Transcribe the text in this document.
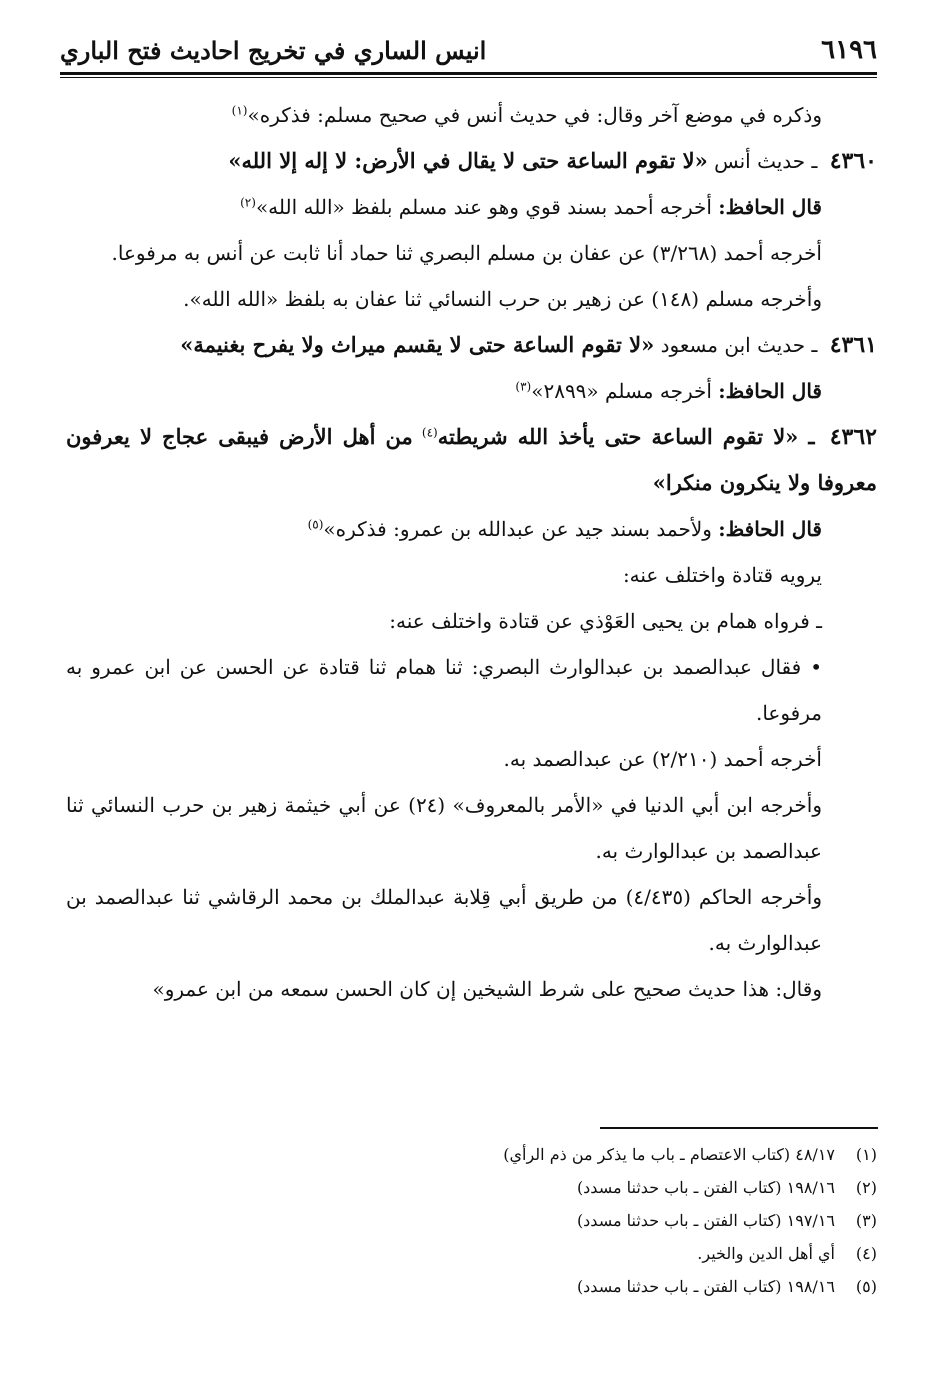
٦١٩٦
انيس الساري في تخريج احاديث فتح الباري

وذكره في موضع آخر وقال: في حديث أنس في صحيح مسلم: فذكره»$^{(١)}$

٤٣٦٠ ـ حديث أنس «لا تقوم الساعة حتى لا يقال في الأرض: لا إله إلا الله»

قال الحافظ: أخرجه أحمد بسند قوي وهو عند مسلم بلفظ «الله الله»$^{(٢)}$

أخرجه أحمد (٣/٢٦٨) عن عفان بن مسلم البصري ثنا حماد أنا ثابت عن أنس به مرفوعا.

وأخرجه مسلم (١٤٨) عن زهير بن حرب النسائي ثنا عفان به بلفظ «الله الله».

٤٣٦١ ـ حديث ابن مسعود «لا تقوم الساعة حتى لا يقسم ميراث ولا يفرح بغنيمة»

قال الحافظ: أخرجه مسلم «٢٨٩٩»$^{(٣)}$

٤٣٦٢ ـ «لا تقوم الساعة حتى يأخذ الله شريطته$^{(٤)}$ من أهل الأرض فيبقى عجاج لا يعرفون معروفا ولا ينكرون منكرا»

قال الحافظ: ولأحمد بسند جيد عن عبدالله بن عمرو: فذكره»$^{(٥)}$

يرويه قتادة واختلف عنه:

ـ فرواه همام بن يحيى العَوْذي عن قتادة واختلف عنه:

• فقال عبدالصمد بن عبدالوارث البصري: ثنا همام ثنا قتادة عن الحسن عن ابن عمرو به مرفوعا.

أخرجه أحمد (٢/٢١٠) عن عبدالصمد به.

وأخرجه ابن أبي الدنيا في «الأمر بالمعروف» (٢٤) عن أبي خيثمة زهير بن حرب النسائي ثنا عبدالصمد بن عبدالوارث به.

وأخرجه الحاكم (٤/٤٣٥) من طريق أبي قِلابة عبدالملك بن محمد الرقاشي ثنا عبدالصمد بن عبدالوارث به.

وقال: هذا حديث صحيح على شرط الشيخين إن كان الحسن سمعه من ابن عمرو»

(١)
٤٨/١٧ (كتاب الاعتصام ـ باب ما يذكر من ذم الرأي)
(٢)
١٩٨/١٦ (كتاب الفتن ـ باب حدثنا مسدد)
(٣)
١٩٧/١٦ (كتاب الفتن ـ باب حدثنا مسدد)
(٤)
أي أهل الدين والخير.
(٥)
١٩٨/١٦ (كتاب الفتن ـ باب حدثنا مسدد)
